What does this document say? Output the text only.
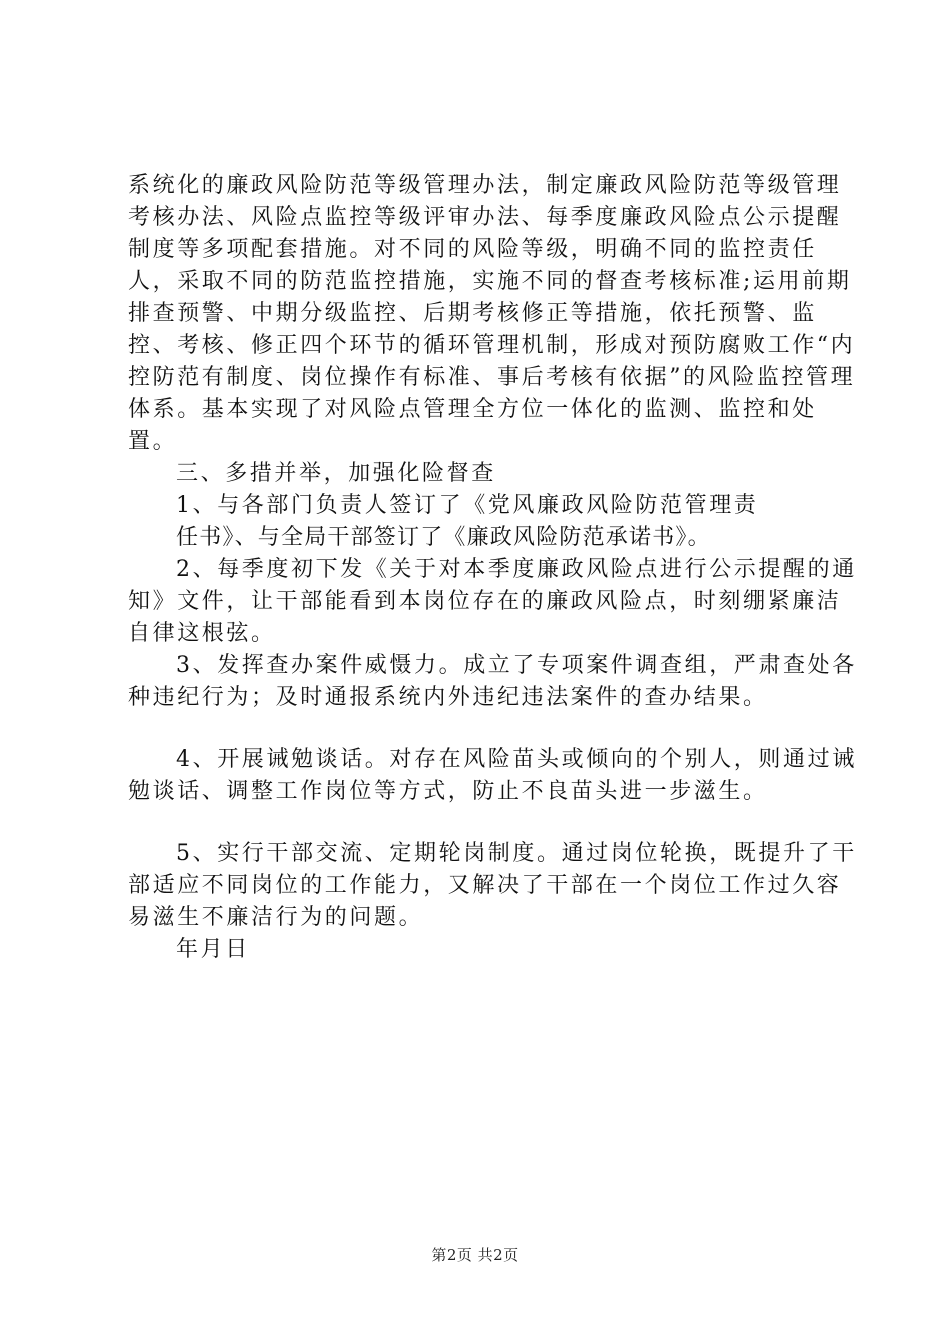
系统化的廉政风险防范等级管理办法，制定廉政风险防范等级管理考核办法、风险点监控等级评审办法、每季度廉政风险点公示提醒制度等多项配套措施。对不同的风险等级，明确不同的监控责任人，采取不同的防范监控措施，实施不同的督查考核标准;运用前期排查预警、中期分级监控、后期考核修正等措施，依托预警、监控、考核、修正四个环节的循环管理机制，形成对预防腐败工作“内控防范有制度、岗位操作有标准、事后考核有依据”的风险监控管理体系。基本实现了对风险点管理全方位一体化的监测、监控和处置。

三、多措并举，加强化险督查

1、与各部门负责人签订了《党风廉政风险防范管理责

任书》、与全局干部签订了《廉政风险防范承诺书》。

2、每季度初下发《关于对本季度廉政风险点进行公示提醒的通知》文件，让干部能看到本岗位存在的廉政风险点，时刻绷紧廉洁自律这根弦。

3、发挥查办案件威慑力。成立了专项案件调查组，严肃查处各种违纪行为；及时通报系统内外违纪违法案件的查办结果。

4、开展诫勉谈话。对存在风险苗头或倾向的个别人，则通过诫勉谈话、调整工作岗位等方式，防止不良苗头进一步滋生。

5、实行干部交流、定期轮岗制度。通过岗位轮换，既提升了干部适应不同岗位的工作能力，又解决了干部在一个岗位工作过久容易滋生不廉洁行为的问题。

年月日

第2页 共2页
